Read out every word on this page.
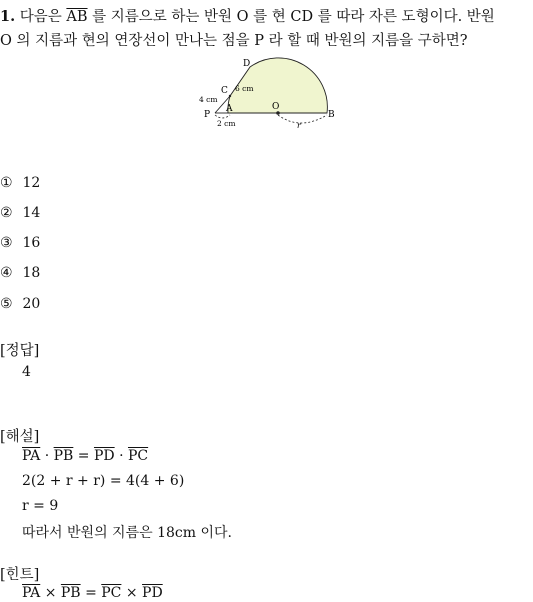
1. 다음은 $\overline{AB}$ 를 지름으로 하는 반원 O 를 현 CD 를 따라 자른 도형이다. 반원
O 의 지름과 현의 연장선이 만나는 점을 P 라 할 때 반원의 지름을 구하면?
D
C
A
P
O
B
6 cm
4 cm
2 cm	r
① 12
② 14
③ 16
④ 18
⑤ 20
[정답]
4
[해설]
$\overline{PA} \cdot \overline{PB} = \overline{PD} \cdot \overline{PC}$
2(2 + r + r) = 4(4 + 6)
r = 9
따라서 반원의 지름은 18cm 이다.
[힌트]
$\overline{PA} \times \overline{PB} = \overline{PC} \times \overline{PD}$
